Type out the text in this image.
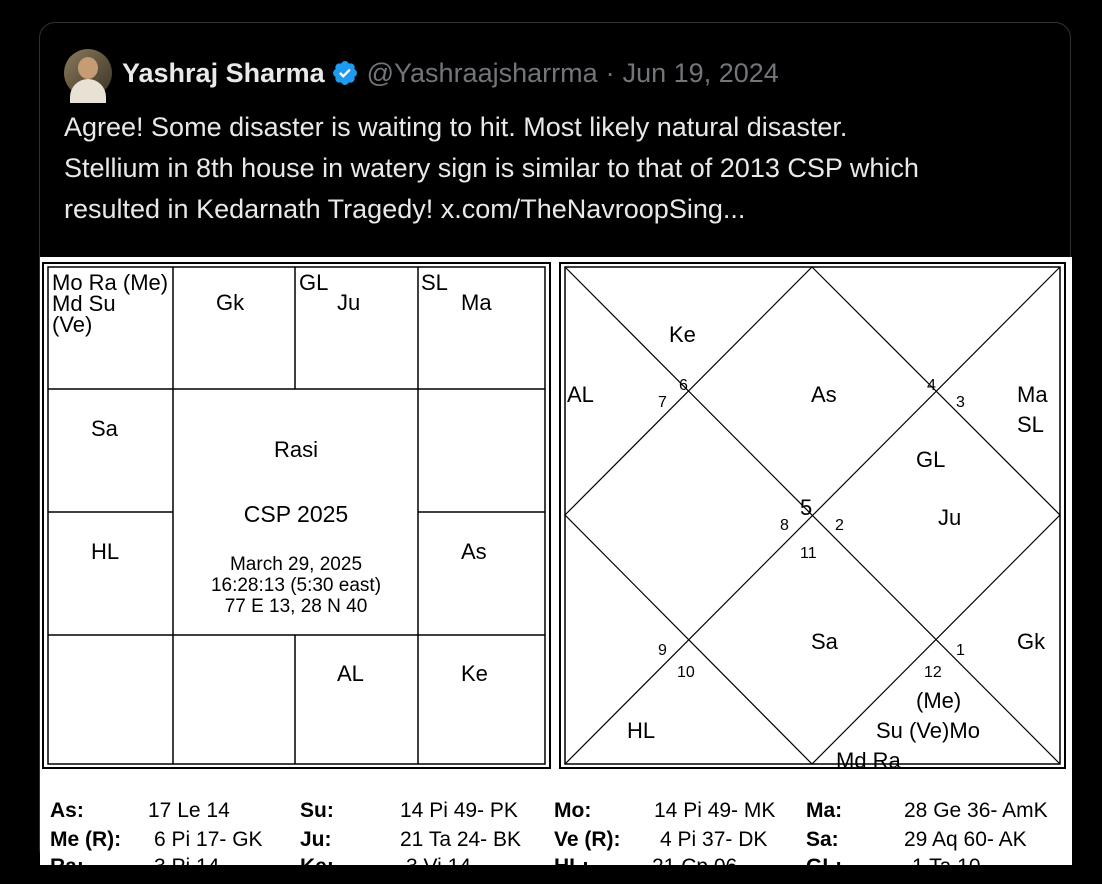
Yashraj Sharma @Yashraajsharrma · Jun 19, 2024
Agree! Some disaster is waiting to hit. Most likely natural disaster.
Stellium in 8th house in watery sign is similar to that of 2013 CSP which
resulted in Kedarnath Tragedy! x.com/TheNavroopSing...
Mo Ra (Me)
Md Su
(Ve)
Gk
GL
Ju
SL
Ma
Sa
HL	As
AL	Ke
Rasi
CSP 2025
March 29, 2025
16:28:13 (5:30 east)
77 E 13, 28 N 40
Ke
AL	As	Ma
SL
GL
Ju
Sa	Gk
(Me)
Su (Ve)Mo
Md Ra
HL
6
7
4
3
5
8	2
11
9
10	12
1
As:	17 Le 14	Su:	14 Pi 49- PK Mo:	14 Pi 49- MK Ma:	28 Ge 36- AmK
Me (R): 6 Pi 17- GK Ju:	21 Ta 24- BK Ve (R): 4 Pi 37- DK Sa:	29 Aq 60- AK
Ra:	3 Pi 14	Ke:	3 Vi 14	HL:	21 Cp 06	GL:	1 Ta 10
